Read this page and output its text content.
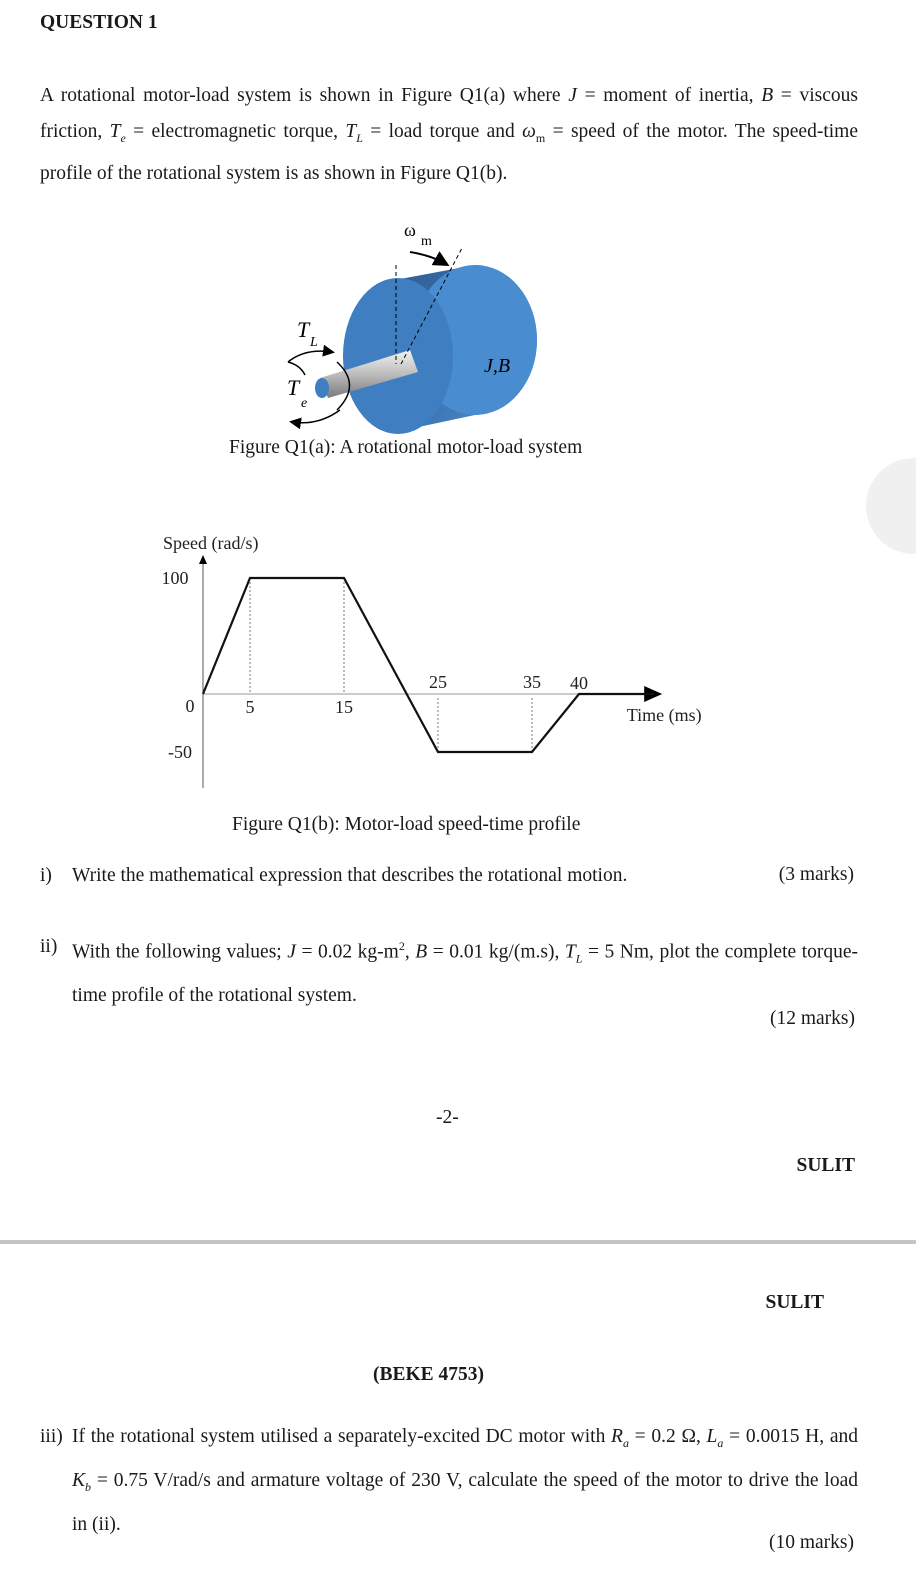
QUESTION 1
A rotational motor-load system is shown in Figure Q1(a) where J = moment of inertia, B = viscous friction, $T_e$ = electromagnetic torque, $T_L$ = load torque and $\omega_m$ = speed of the motor. The speed-time profile of the rotational system is as shown in Figure Q1(b).
ω
m
T
L
T
e
J,B
Figure Q1(a): A rotational motor-load system
Speed (rad/s)
Time (ms)
100
0
-50
5	15
25	35 40
Figure Q1(b): Motor-load speed-time profile
i) Write the mathematical expression that describes the rotational motion.	(3 marks)
ii) With the following values; J = 0.02 $kg-m^2$, B = 0.01 kg/(m.s), $T_L = 5$ Nm, plot the complete torque-time profile of the rotational system.
(12 marks)
-2-
SULIT
SULIT
(BEKE 4753)
iii) If the rotational system utilised a separately-excited DC motor with $R_a = 0.2$ Ω, $L_a = 0.0015$ H, and $K_b = 0.75$ V/rad/s and armature voltage of 230 V, calculate the speed of the motor to drive the load in (ii).
(10 marks)
